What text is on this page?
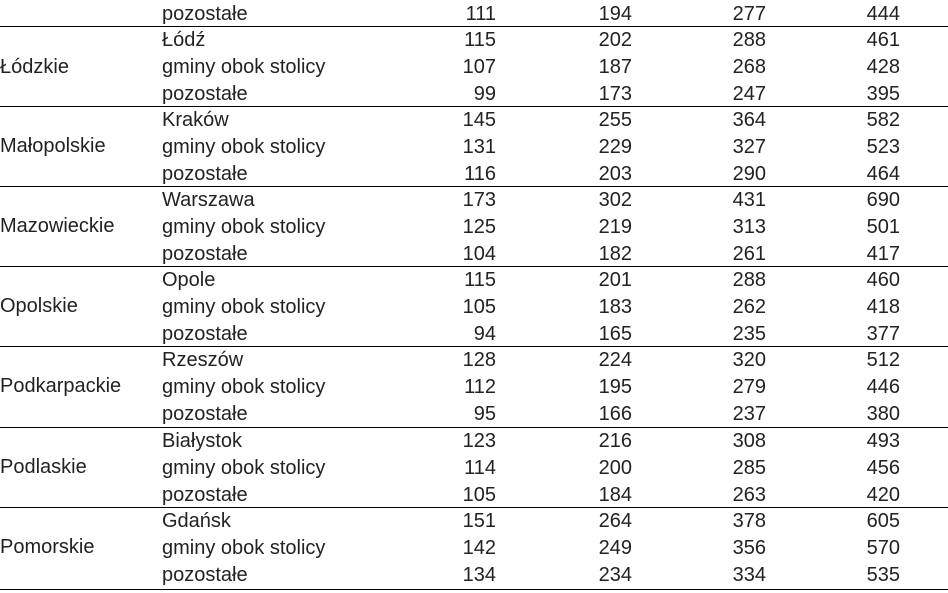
pozostałe	111	194	277	444
Łódzkie
Łódź	115	202	288	461
gminy obok stolicy	107	187	268	428
pozostałe	99	173	247	395
Małopolskie
Kraków	145	255	364	582
gminy obok stolicy	131	229	327	523
pozostałe	116	203	290	464
Mazowieckie
Warszawa	173	302	431	690
gminy obok stolicy	125	219	313	501
pozostałe	104	182	261	417
Opolskie
Opole	115	201	288	460
gminy obok stolicy	105	183	262	418
pozostałe	94	165	235	377
Podkarpackie
Rzeszów	128	224	320	512
gminy obok stolicy	112	195	279	446
pozostałe	95	166	237	380
Podlaskie
Białystok	123	216	308	493
gminy obok stolicy	114	200	285	456
pozostałe	105	184	263	420
Pomorskie
Gdańsk	151	264	378	605
gminy obok stolicy	142	249	356	570
pozostałe	134	234	334	535
